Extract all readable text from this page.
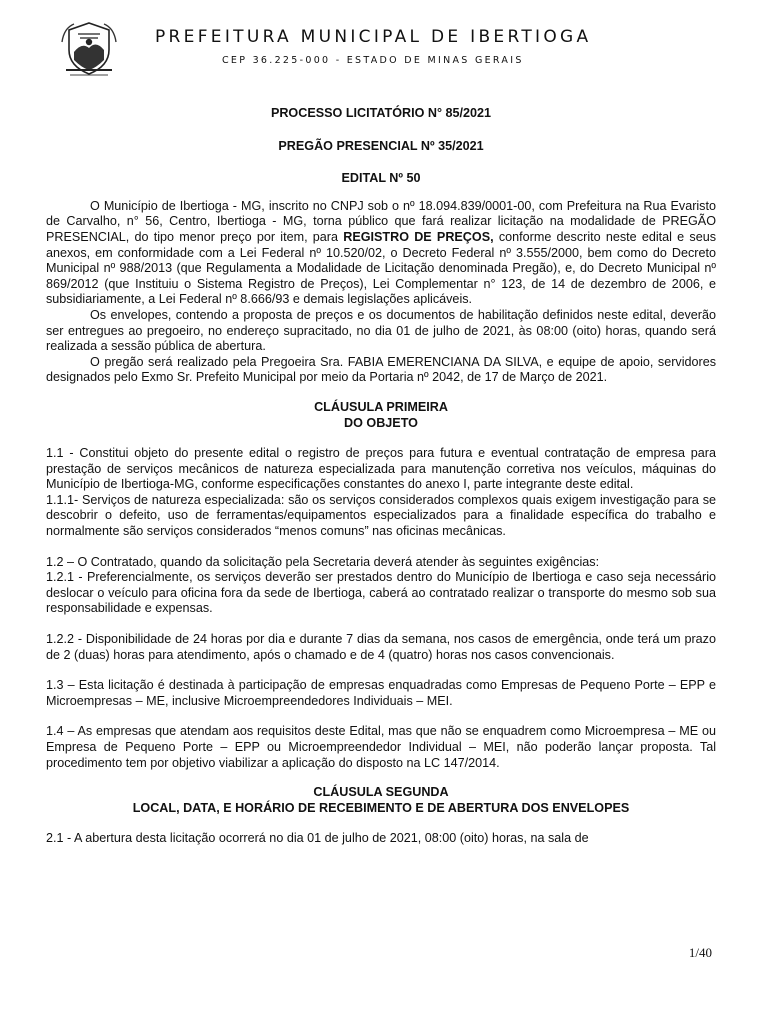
PREFEITURA MUNICIPAL DE IBERTIOGA
CEP 36.225-000 - ESTADO DE MINAS GERAIS

PROCESSO LICITATÓRIO N° 85/2021

PREGÃO PRESENCIAL Nº 35/2021

EDITAL Nº 50

O Município de Ibertioga - MG, inscrito no CNPJ sob o nº 18.094.839/0001-00, com Prefeitura na Rua Evaristo de Carvalho, n° 56, Centro, Ibertioga - MG, torna público que fará realizar licitação na modalidade de PREGÃO PRESENCIAL, do tipo menor preço por item, para REGISTRO DE PREÇOS, conforme descrito neste edital e seus anexos, em conformidade com a Lei Federal nº 10.520/02, o Decreto Federal nº 3.555/2000, bem como do Decreto Municipal nº 988/2013 (que Regulamenta a Modalidade de Licitação denominada Pregão), e, do Decreto Municipal nº 869/2012 (que Instituiu o Sistema Registro de Preços), Lei Complementar n° 123, de 14 de dezembro de 2006, e subsidiariamente, a Lei Federal nº 8.666/93 e demais legislações aplicáveis.

Os envelopes, contendo a proposta de preços e os documentos de habilitação definidos neste edital, deverão ser entregues ao pregoeiro, no endereço supracitado, no dia 01 de julho de 2021, às 08:00 (oito) horas, quando será realizada a sessão pública de abertura.

O pregão será realizado pela Pregoeira Sra. FABIA EMERENCIANA DA SILVA, e equipe de apoio, servidores designados pelo Exmo Sr. Prefeito Municipal por meio da Portaria nº 2042, de 17 de Março de 2021.

CLÁUSULA PRIMEIRA

DO OBJETO

1.1 - Constitui objeto do presente edital o registro de preços para futura e eventual contratação de empresa para prestação de serviços mecânicos de natureza especializada para manutenção corretiva nos veículos, máquinas do Município de Ibertioga-MG, conforme especificações constantes do anexo I, parte integrante deste edital.

1.1.1- Serviços de natureza especializada: são os serviços considerados complexos quais exigem investigação para se descobrir o defeito, uso de ferramentas/equipamentos especializados para a finalidade específica do trabalho e normalmente são serviços considerados “menos comuns” nas oficinas mecânicas.

1.2 – O Contratado, quando da solicitação pela Secretaria deverá atender às seguintes exigências:

1.2.1 - Preferencialmente, os serviços deverão ser prestados dentro do Município de Ibertioga e caso seja necessário deslocar o veículo para oficina fora da sede de Ibertioga, caberá ao contratado realizar o transporte do mesmo sob sua responsabilidade e expensas.

1.2.2 - Disponibilidade de 24 horas por dia e durante 7 dias da semana, nos casos de emergência, onde terá um prazo de 2 (duas) horas para atendimento, após o chamado e de 4 (quatro) horas nos casos convencionais.

1.3 – Esta licitação é destinada à participação de empresas enquadradas como Empresas de Pequeno Porte – EPP e Microempresas – ME, inclusive Microempreendedores Individuais – MEI.

1.4 – As empresas que atendam aos requisitos deste Edital, mas que não se enquadrem como Microempresa – ME ou Empresa de Pequeno Porte – EPP ou Microempreendedor Individual – MEI, não poderão lançar proposta. Tal procedimento tem por objetivo viabilizar a aplicação do disposto na LC 147/2014.

CLÁUSULA SEGUNDA

LOCAL, DATA, E HORÁRIO DE RECEBIMENTO E DE ABERTURA DOS ENVELOPES

2.1 - A abertura desta licitação ocorrerá no dia 01 de julho de 2021, 08:00 (oito) horas, na sala de

1/40
